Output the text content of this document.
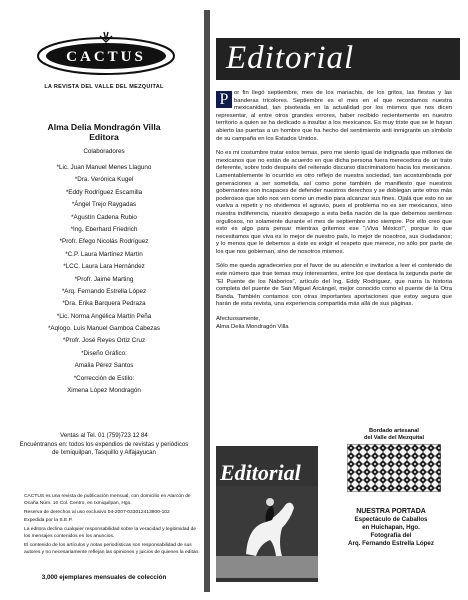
CACTUS
LA REVISTA DEL VALLE DEL MEZQUITAL
Alma Delia Mondragón Villa
Editora
Colaboradores
*Lic. Juan Manuel Menes Llaguno
*Dra. Verónica Kugel
*Eddy Rodríguez Escamilla
*Ángel Trejo Raygadas
*Agustín Cadena Rubio
*Ing. Eberhard Friedrich
*Profr. Efego Nicolás Rodríguez
*C.P. Laura Martínez Martín
*LCC. Laura Lara Hernández
*Profr. Jaime Marting
*Arq. Fernando Estrella López
*Dra. Erika Barquera Pedraza
*Lic. Norma Angélica Martín Peña
*Aqlogo. Luis Manuel Gamboa Cabezas
*Profr. José Reyes Ortiz Cruz
*Diseño Gráfico:
Amalia Pérez Santos
*Corrección de Estilo:
Ximena López Mondragón
Ventas al Tel. 01 (759)723 12 84
Encuéntranos en: todos los expendios de revistas y periódicos
de Ixmiquilpan, Tasquillo y Alfajayucan

CACTUS es una revista de publicación mensual, con domicilio en Alarcón de Ocaña Núm. 10 Col. Centro, en Ixmiquilpan, Hgo.

Reserva de derechos al uso exclusivo 04-2007-033012413900-102

Expedida por la S.E.P.

La editora declina cualquier responsabilidad sobre la veracidad y legitimidad de los mensajes contenidos en los anuncios.

El contenido de los artículos y notas periodísticas son responsabilidad de sus autores y no necesariamente reflejan las opiniones y juicios de quienes la editan.

3,000 ejemplares mensuales de colección
Editorial

P or fin llegó septiembre, mes de los mariachis, de los gritos, las fiestas y las banderas tricolores. Septiembre es el mes en el que recordamos nuestra mexicanidad, tan pisoteada en la actualidad por los mismos que nos dicen representar, al entre otros grandes errores, haber recibido recientemente en nuestro territorio a quien se ha dedicado a insultar a los mexicanos. Es muy triste que se le hayan abierto las puertas a un hombre que ha hecho del sentimiento anti inmigrante un símbolo de su campaña en los Estados Unidos.

No es mi costumbre tratar estos temas, pero me siento igual de indignada que millones de mexicanos que no están de acuerdo en que dicha persona fuera merecedora de un trato deferente, sobre todo después del reiterado discurso discriminatorio hacia los mexicanos. Lamentablemente lo ocurrido es otro reflejo de nuestra sociedad, tan acostumbrada por generaciones a ser sometida, así como pone también de manifiesto que nuestros gobernantes son incapaces de defender nuestros derechos y se doblegan ante otros más poderosos que sólo nos ven como un medio para alcanzar sus fines. Ojalá que esto no se vuelva a repetir y no olvidemos el agravio, pues el problema no es ser mexicanos, sino nuestra indiferencia, nuestro desapego a esta bella nación de la que debemos sentirnos orgullosos, no solamente durante el mes de septiembre sino siempre. Por ello creo que esto es algo para pensar mientras gritemos ese “¡Viva México!”, porque lo que necesitamos que viva es lo mejor de nuestro país, lo mejor de nosotros, sus ciudadanos; y lo menos que le debemos a éste es exigir el respeto que merece, no sólo por parte de los que nos gobiernan, sino de nosotros mismos.

Sólo me queda agradeceries por el favor de su atención e invitarlos a leer el contenido de este número que trae temas muy interesantes, entre los que destaca la segunda parte de “El Puente de los Naborios”, artículo del Ing. Eddy Rodríguez, que narra la historia completa del puente de San Miguel Arcángel, mejor conocido como el puente de la Otra Banda. También contamos con otras importantes aportaciones que estoy segura que harán de esta revista, una experiencia compartida más allá de sus páginas.

Afectuosamente,
Alma Delia Mondragón Villa
Editorial
Bordado artesanal
del Valle del Mezquital
NUESTRA PORTADA
Espectáculo de Caballos
en Huichapan, Hgo.
Fotografía del
Arq. Fernando Estrella López
